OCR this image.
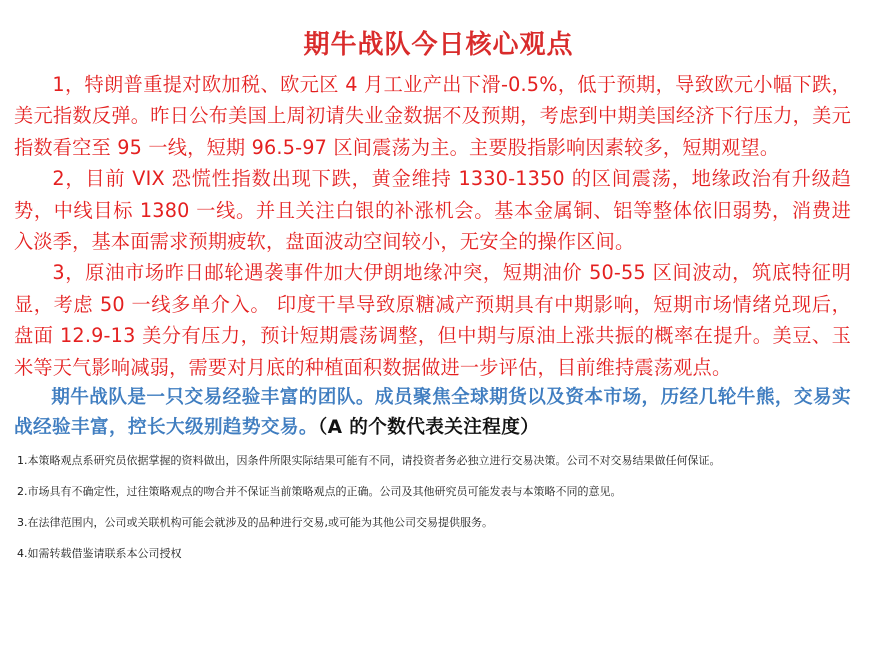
期牛战队今日核心观点

1，特朗普重提对欧加税、欧元区 4 月工业产出下滑-0.5%，低于预期，导致欧元小幅下跌，美元指数反弹。昨日公布美国上周初请失业金数据不及预期，考虑到中期美国经济下行压力，美元指数看空至 95 一线，短期 96.5-97 区间震荡为主。主要股指影响因素较多，短期观望。

2，目前 VIX 恐慌性指数出现下跌，黄金维持 1330-1350 的区间震荡，地缘政治有升级趋势，中线目标 1380 一线。并且关注白银的补涨机会。基本金属铜、铝等整体依旧弱势，消费进入淡季，基本面需求预期疲软，盘面波动空间较小，无安全的操作区间。

3，原油市场昨日邮轮遇袭事件加大伊朗地缘冲突，短期油价 50-55 区间波动，筑底特征明显，考虑 50 一线多单介入。 印度干旱导致原糖减产预期具有中期影响，短期市场情绪兑现后，盘面 12.9-13 美分有压力，预计短期震荡调整，但中期与原油上涨共振的概率在提升。美豆、玉米等天气影响减弱，需要对月底的种植面积数据做进一步评估，目前维持震荡观点。

期牛战队是一只交易经验丰富的团队。成员聚焦全球期货以及资本市场，历经几轮牛熊，交易实战经验丰富，控长大级别趋势交易。（A 的个数代表关注程度）

1.本策略观点系研究员依据掌握的资料做出，因条件所限实际结果可能有不同，请投资者务必独立进行交易决策。公司不对交易结果做任何保证。

2.市场具有不确定性，过往策略观点的吻合并不保证当前策略观点的正确。公司及其他研究员可能发表与本策略不同的意见。

3.在法律范围内，公司或关联机构可能会就涉及的品种进行交易,或可能为其他公司交易提供服务。

4.如需转载借鉴请联系本公司授权
